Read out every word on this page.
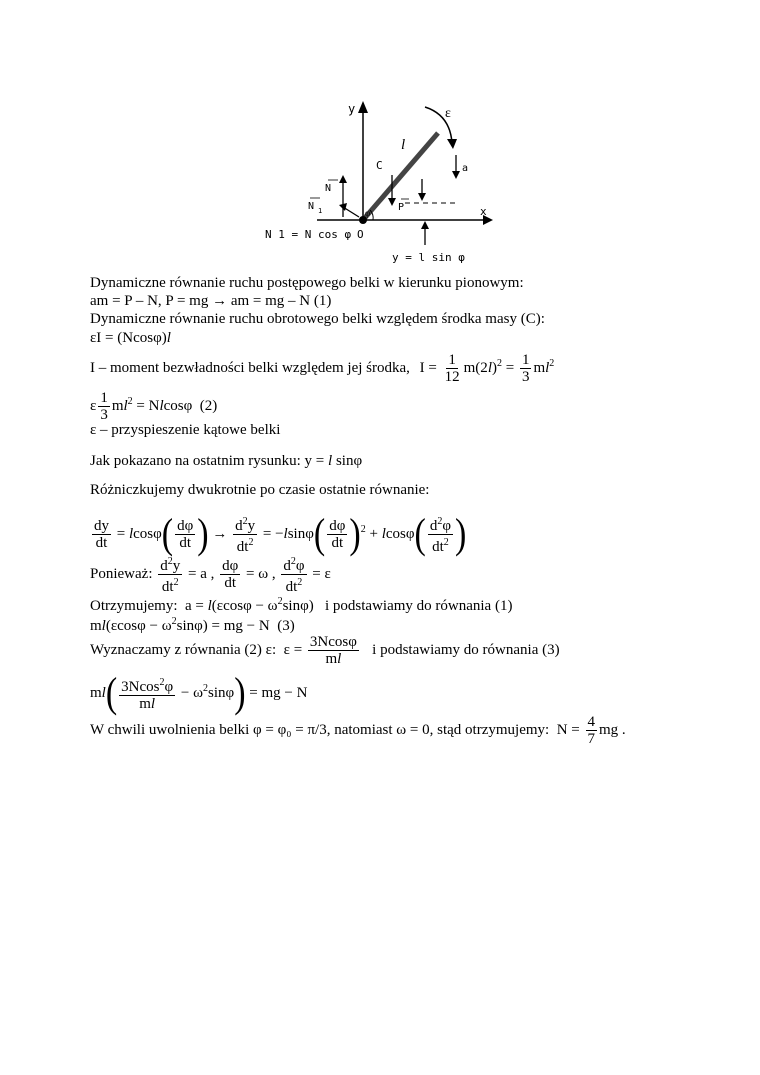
y
x
ε
l
a
C
P
N
N 1	φ
O
N 1 = N cos φ
y = l sin φ
Dynamiczne równanie ruchu postępowego belki w kierunku pionowym:
am = P – N, P = mg → am = mg – N (1)
Dynamiczne równanie ruchu obrotowego belki względem środka masy (C):
εI = (Ncosφ)l
I – moment bezwładności belki względem jej środka, $I = \frac{1}{12} m(2l)^2 = \frac{1}{3} ml^2$
ε $\frac{1}{3} ml^2 = Nlcos\varphi$  (2)
ε – przyspieszenie kątowe belki
Jak pokazano na ostatnim rysunku: y = l sinφ
Różniczkujemy dwukrotnie po czasie ostatnie równanie:
$\frac{dy}{dt} = lcos\varphi( \frac{d\varphi}{dt}$ ) → $\frac{d^2y}{dt^2} = -lsin\varphi( \frac{d\varphi}{dt} )^2 + lcos\varphi( \frac{d^2\varphi}{dt^2}$ )
Ponieważ: $\frac{d^2y}{dt^2} = a$ , $\frac{d\varphi}{dt} = \omega$ , $\frac{d^2\varphi}{dt^2} = \varepsilon$
Otrzymujemy:  $a = l(\varepsilon\cos\varphi - \omega^2\sin\varphi)$   i podstawiamy do równania (1)
$ml(\varepsilon\cos\varphi - \omega^2\sin\varphi)$ = mg − N  (3)
Wyznaczamy z równania (2) ε:  $\varepsilon = \frac{3Ncos\varphi}{ml}$ i podstawiamy do równania (3)
$ml( \frac{3Ncos^2\varphi}{ml} - \omega^2\sin\varphi)$ = mg − N
W chwili uwolnienia belki φ = φ₀ = π/3, natomiast ω = 0, stąd otrzymujemy:  $N = \frac{4}{7}$ mg .
